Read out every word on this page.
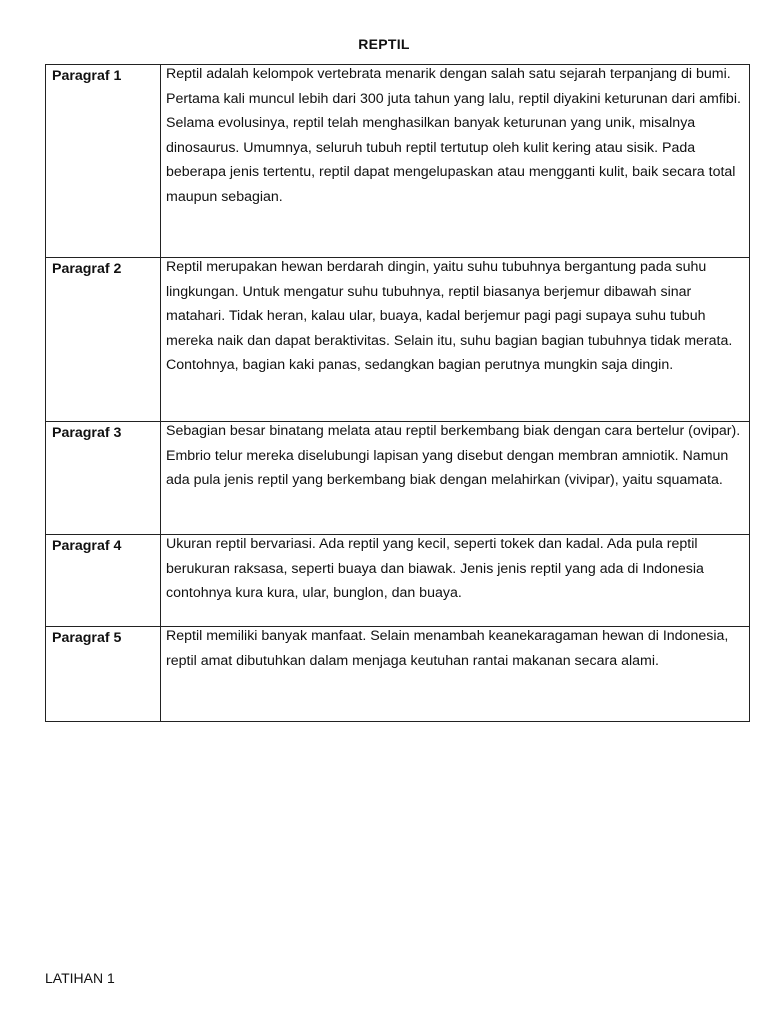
REPTIL
Paragraf 1	Reptil adalah kelompok vertebrata menarik dengan salah satu sejarah terpanjang di bumi. Pertama kali muncul lebih dari 300 juta tahun yang lalu, reptil diyakini keturunan dari amfibi. Selama evolusinya, reptil telah menghasilkan banyak keturunan yang unik, misalnya dinosaurus. Umumnya, seluruh tubuh reptil tertutup oleh kulit kering atau sisik. Pada beberapa jenis tertentu, reptil dapat mengelupaskan atau mengganti kulit, baik secara total maupun sebagian.

Paragraf 2	Reptil merupakan hewan berdarah dingin, yaitu suhu tubuhnya bergantung pada suhu lingkungan. Untuk mengatur suhu tubuhnya, reptil biasanya berjemur dibawah sinar matahari. Tidak heran, kalau ular, buaya, kadal berjemur pagi pagi supaya suhu tubuh mereka naik dan dapat beraktivitas. Selain itu, suhu bagian bagian tubuhnya tidak merata. Contohnya, bagian kaki panas, sedangkan bagian perutnya mungkin saja dingin.

Paragraf 3	Sebagian besar binatang melata atau reptil berkembang biak dengan cara bertelur (ovipar). Embrio telur mereka diselubungi lapisan yang disebut dengan membran amniotik. Namun ada pula jenis reptil yang berkembang biak dengan melahirkan (vivipar), yaitu squamata.

Paragraf 4	Ukuran reptil bervariasi. Ada reptil yang kecil, seperti tokek dan kadal. Ada pula reptil berukuran raksasa, seperti buaya dan biawak. Jenis jenis reptil yang ada di Indonesia contohnya kura kura, ular, bunglon, dan buaya.

Paragraf 5	Reptil memiliki banyak manfaat. Selain menambah keanekaragaman hewan di Indonesia, reptil amat dibutuhkan dalam menjaga keutuhan rantai makanan secara alami.
LATIHAN 1
